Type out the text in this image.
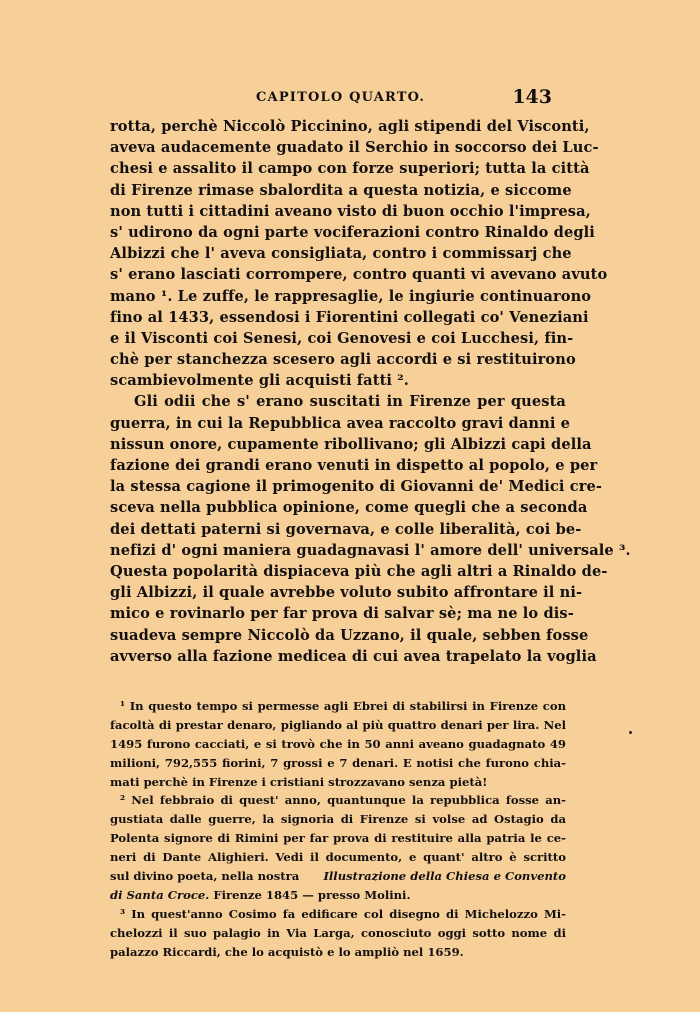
CAPITOLO QUARTO.	143
rotta, perchè Niccolò Piccinino, agli stipendi del Visconti,
aveva audacemente guadato il Serchio in soccorso dei Luc-
chesi e assalito il campo con forze superiori; tutta la città
di Firenze rimase sbalordita a questa notizia, e siccome
non tutti i cittadini aveano visto di buon occhio l'impresa,
s' udirono da ogni parte vociferazioni contro Rinaldo degli
Albizzi che l' aveva consigliata, contro i commissarj che
s' erano lasciati corrompere, contro quanti vi avevano avuto
mano ¹. Le zuffe, le rappresaglie, le ingiurie continuarono
fino al 1433, essendosi i Fiorentini collegati co' Veneziani
e il Visconti coi Senesi, coi Genovesi e coi Lucchesi, fin-
chè per stanchezza scesero agli accordi e si restituirono
scambievolmente gli acquisti fatti ².
Gli odii che s' erano suscitati in Firenze per questa
guerra, in cui la Repubblica avea raccolto gravi danni e
nissun onore, cupamente ribollivano; gli Albizzi capi della
fazione dei grandi erano venuti in dispetto al popolo, e per
la stessa cagione il primogenito di Giovanni de' Medici cre-
sceva nella pubblica opinione, come quegli che a seconda
dei dettati paterni si governava, e colle liberalità, coi be-
nefizi d' ogni maniera guadagnavasi l' amore dell' universale ³.
Questa popolarità dispiaceva più che agli altri a Rinaldo de-
gli Albizzi, il quale avrebbe voluto subito affrontare il ni-
mico e rovinarlo per far prova di salvar sè; ma ne lo dis-
suadeva sempre Niccolò da Uzzano, il quale, sebben fosse
avverso alla fazione medicea di cui avea trapelato la voglia
¹ In questo tempo si permesse agli Ebrei di stabilirsi in Firenze con
facoltà di prestar denaro, pigliando al più quattro denari per lira. Nel
1495 furono cacciati, e si trovò che in 50 anni aveano guadagnato 49
milioni, 792,555 fiorini, 7 grossi e 7 denari. E notisi che furono chia-
mati perchè in Firenze i cristiani strozzavano senza pietà!
² Nel febbraio di quest' anno, quantunque la repubblica fosse an-
gustiata dalle guerre, la signoria di Firenze si volse ad Ostagio da
Polenta signore di Rimini per far prova di restituire alla patria le ce-
neri di Dante Alighieri. Vedi il documento, e quant' altro è scritto
sul divino poeta, nella nostra Illustrazione della Chiesa e Convento
di Santa Croce. Firenze 1845 — presso Molini.
³ In quest'anno Cosimo fa edificare col disegno di Michelozzo Mi-
chelozzi il suo palagio in Via Larga, conosciuto oggi sotto nome di
palazzo Riccardi, che lo acquistò e lo ampliò nel 1659.
